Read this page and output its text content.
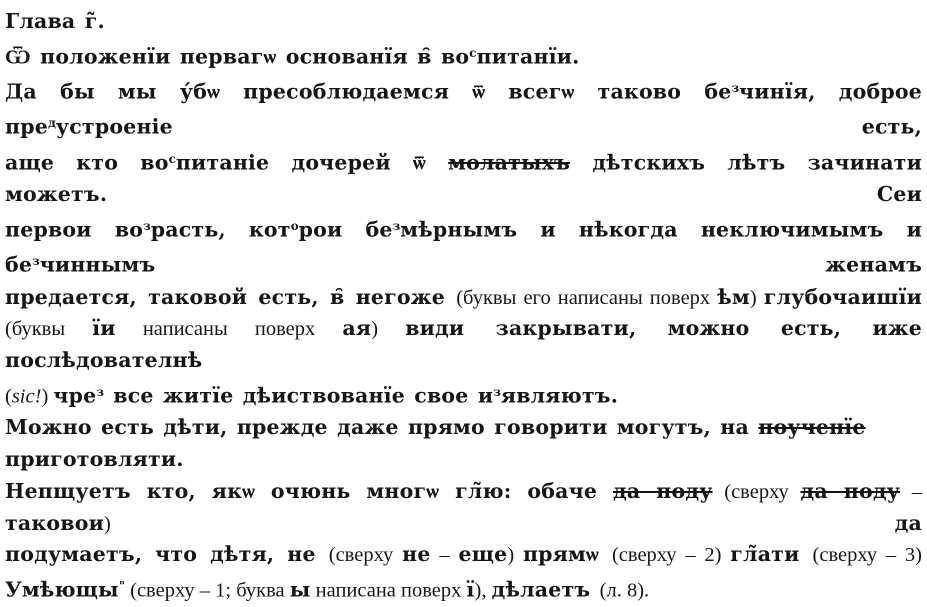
Глава г̃.
Ѿ положенїи первагѡ основанїя в̑ $во^спитанїи$.
Да бы мы у́бѡ пресоблюдаемся ѿ всегѡ таково $бе^зчинїя$, доброе пре$^д$устроеніе есть,
аще кто $во^спитаніе$ дочерей ѿ молатыхъ дѣтскихъ лѣтъ зачинати можетъ. Сеи
первои $во^зрасть$, кот$^о$рои $бе^змѣрнымъ$ и нѣкогда неключимымъ и $бе^зчиннымъ$ женамъ
предается, таковой есть, в̑ негоже (буквы его написаны поверх ѣм) глубочаишїи
(буквы їи написаны поверх ая) види закрывати, можно есть, иже послѣдователнѣ
(sic!) чре$^з$ все житїе дѣиствованїе свое $и^зявляютъ$.
Можно есть дѣти, прежде даже прямо говорити могутъ, на поученїе приготовляти.
Непщуетъ кто, якѡ очюнь многѡ гл̃ю: обаче да поду (сверху да поду – таковои) да
подумаетъ, что дѣтя, не (сверху не – еще) прямѡ (сверху – 2) гл̃ати (сверху – 3)
Умѣющы" (сверху – 1; буква ы написана поверх ї), дѣлаетъ (л. 8).
